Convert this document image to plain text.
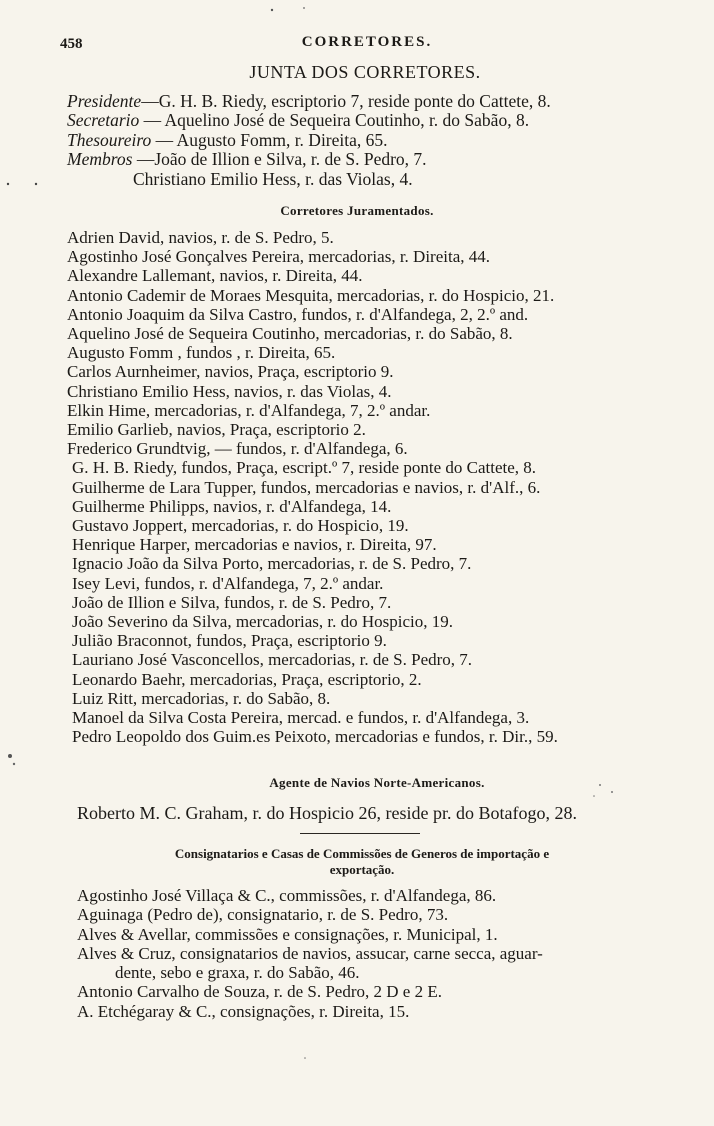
458	CORRETORES.
JUNTA DOS CORRETORES.
Presidente—G. H. B. Riedy, escriptorio 7, reside ponte do Cattete, 8.
Secretario — Aquelino José de Sequeira Coutinho, r. do Sabão, 8.
Thesoureiro — Augusto Fomm, r. Direita, 65.
Membros —João de Illion e Silva, r. de S. Pedro, 7.
Christiano Emilio Hess, r. das Violas, 4.
Corretores Juramentados.
Adrien David, navios, r. de S. Pedro, 5.
Agostinho José Gonçalves Pereira, mercadorias, r. Direita, 44.
Alexandre Lallemant, navios, r. Direita, 44.
Antonio Cademir de Moraes Mesquita, mercadorias, r. do Hospicio, 21.
Antonio Joaquim da Silva Castro, fundos, r. d'Alfandega, 2, 2.º and.
Aquelino José de Sequeira Coutinho, mercadorias, r. do Sabão, 8.
Augusto Fomm , fundos , r. Direita, 65.
Carlos Aurnheimer, navios, Praça, escriptorio 9.
Christiano Emilio Hess, navios, r. das Violas, 4.
Elkin Hime, mercadorias, r. d'Alfandega, 7, 2.º andar.
Emilio Garlieb, navios, Praça, escriptorio 2.
Frederico Grundtvig, — fundos, r. d'Alfandega, 6.
G. H. B. Riedy, fundos, Praça, escript.º 7, reside ponte do Cattete, 8.
Guilherme de Lara Tupper, fundos, mercadorias e navios, r. d'Alf., 6.
Guilherme Philipps, navios, r. d'Alfandega, 14.
Gustavo Joppert, mercadorias, r. do Hospicio, 19.
Henrique Harper, mercadorias e navios, r. Direita, 97.
Ignacio João da Silva Porto, mercadorias, r. de S. Pedro, 7.
Isey Levi, fundos, r. d'Alfandega, 7, 2.º andar.
João de Illion e Silva, fundos, r. de S. Pedro, 7.
João Severino da Silva, mercadorias, r. do Hospicio, 19.
Julião Braconnot, fundos, Praça, escriptorio 9.
Lauriano José Vasconcellos, mercadorias, r. de S. Pedro, 7.
Leonardo Baehr, mercadorias, Praça, escriptorio, 2.
Luiz Ritt, mercadorias, r. do Sabão, 8.
Manoel da Silva Costa Pereira, mercad. e fundos, r. d'Alfandega, 3.
Pedro Leopoldo dos Guim.es Peixoto, mercadorias e fundos, r. Dir., 59.
Agente de Navios Norte-Americanos.
Roberto M. C. Graham, r. do Hospicio 26, reside pr. do Botafogo, 28.
Consignatarios e Casas de Commissões de Generos de importação e
exportação.
Agostinho José Villaça & C., commissões, r. d'Alfandega, 86.
Aguinaga (Pedro de), consignatario, r. de S. Pedro, 73.
Alves & Avellar, commissões e consignações, r. Municipal, 1.
Alves & Cruz, consignatarios de navios, assucar, carne secca, aguar-
dente, sebo e graxa, r. do Sabão, 46.
Antonio Carvalho de Souza, r. de S. Pedro, 2 D e 2 E.
A. Etchégaray & C., consignações, r. Direita, 15.
